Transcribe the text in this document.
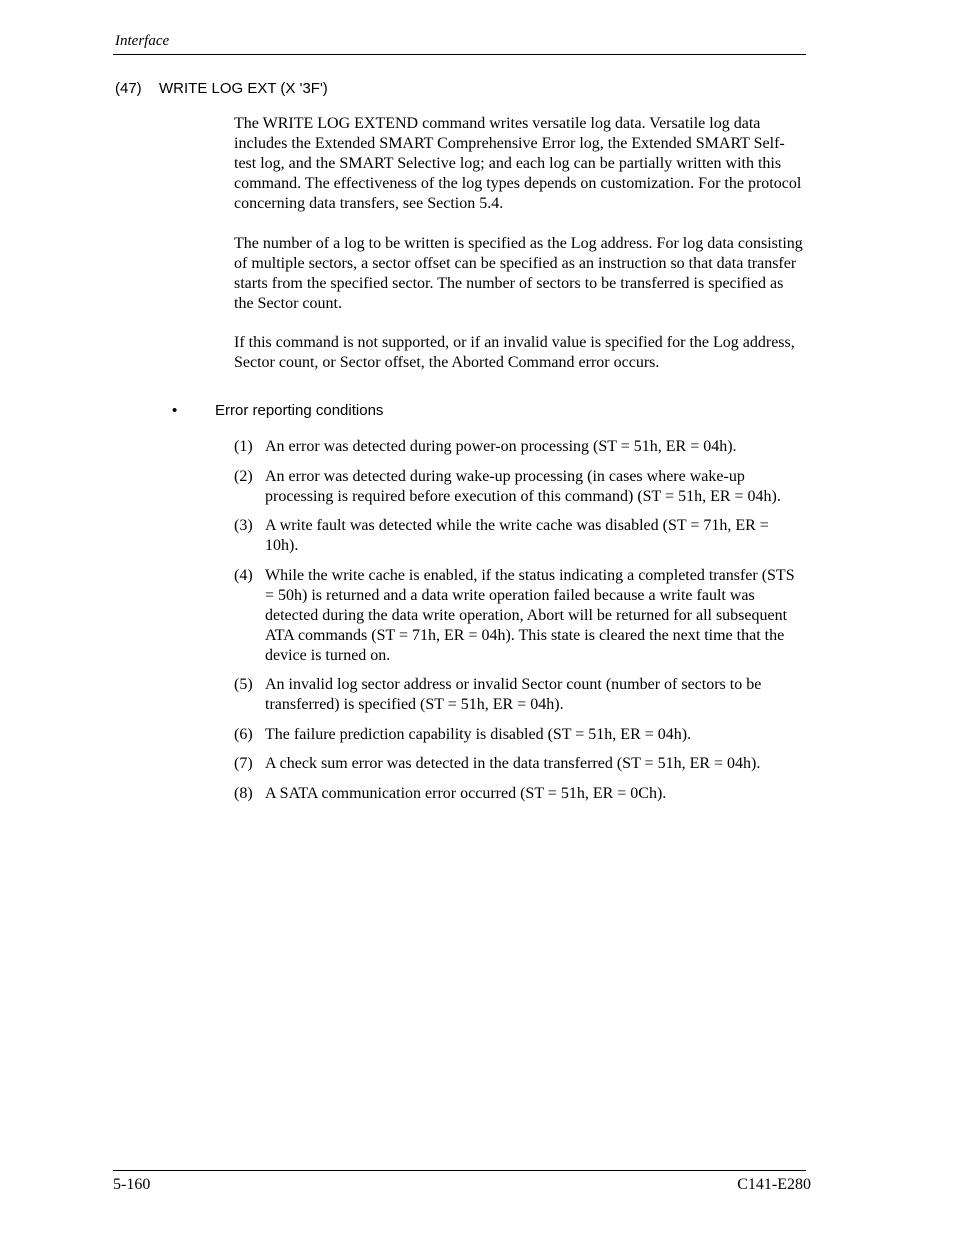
Interface
(47) WRITE LOG EXT (X '3F')

The WRITE LOG EXTEND command writes versatile log data. Versatile log data includes the Extended SMART Comprehensive Error log, the Extended SMART Self-test log, and the SMART Selective log; and each log can be partially written with this command. The effectiveness of the log types depends on customization. For the protocol concerning data transfers, see Section 5.4.

The number of a log to be written is specified as the Log address. For log data consisting of multiple sectors, a sector offset can be specified as an instruction so that data transfer starts from the specified sector. The number of sectors to be transferred is specified as the Sector count.

If this command is not supported, or if an invalid value is specified for the Log address, Sector count, or Sector offset, the Aborted Command error occurs.

•	Error reporting conditions
(1) An error was detected during power-on processing (ST = 51h, ER = 04h).
(2) An error was detected during wake-up processing (in cases where wake-up processing is required before execution of this command) (ST = 51h, ER = 04h).
(3) A write fault was detected while the write cache was disabled (ST = 71h, ER = 10h).
(4) While the write cache is enabled, if the status indicating a completed transfer (STS = 50h) is returned and a data write operation failed because a write fault was detected during the data write operation, Abort will be returned for all subsequent ATA commands (ST = 71h, ER = 04h). This state is cleared the next time that the device is turned on.
(5) An invalid log sector address or invalid Sector count (number of sectors to be transferred) is specified (ST = 51h, ER = 04h).
(6) The failure prediction capability is disabled (ST = 51h, ER = 04h).
(7) A check sum error was detected in the data transferred (ST = 51h, ER = 04h).
(8) A SATA communication error occurred (ST = 51h, ER = 0Ch).
5-160	C141-E280
